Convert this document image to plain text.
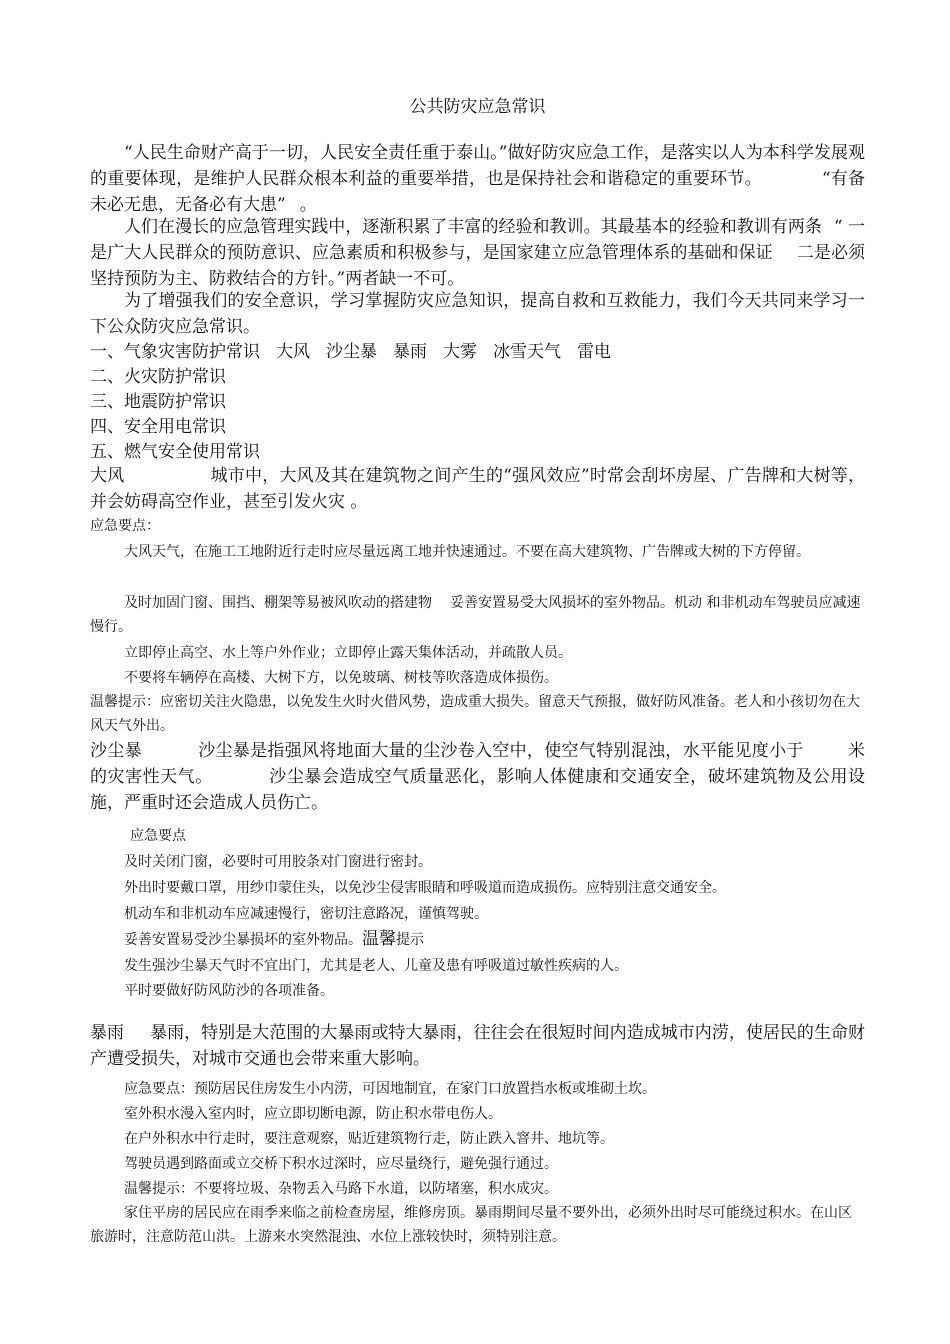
公共防灾应急常识
“人民生命财产高于一切，人民安全责任重于泰山。”做好防灾应急工作，是落实以人为本科学发展观的重要体现，是维护人民群众根本利益的重要举措，也是保持社会和谐稳定的重要环节。	“有备未必无患，无备必有大患” 。
人们在漫长的应急管理实践中，逐渐积累了丰富的经验和教训。其最基本的经验和教训有两条 “ 一是广大人民群众的预防意识、应急素质和积极参与，是国家建立应急管理体系的基础和保证 二是必须坚持预防为主、防救结合的方针。”两者缺一不可。
为了增强我们的安全意识，学习掌握防灾应急知识，提高自救和互救能力，我们今天共同来学习一下公众防灾应急常识。
一、气象灾害防护常识 大风 沙尘暴 暴雨 大雾 冰雪天气 雷电
二、火灾防护常识
三、地震防护常识
四、安全用电常识
五、燃气安全使用常识
大风	城市中，大风及其在建筑物之间产生的“强风效应”时常会刮坏房屋、广告牌和大树等，并会妨碍高空作业，甚至引发火灾 。
应急要点：
大风天气，在施工工地附近行走时应尽量远离工地并快速通过。不要在高大建筑物、广告牌或大树的下方停留。
及时加固门窗、围挡、棚架等易被风吹动的搭建物 妥善安置易受大风损坏的室外物品。机动 和非机动车驾驶员应减速慢行。
立即停止高空、水上等户外作业；立即停止露天集体活动，并疏散人员。
不要将车辆停在高楼、大树下方，以免玻璃、树枝等吹落造成体损伤。
温馨提示：应密切关注火隐患，以免发生火时火借风势，造成重大损失。留意天气预报，做好防风准备。老人和小孩切勿在大风天气外出。
沙尘暴	沙尘暴是指强风将地面大量的尘沙卷入空中，使空气特别混浊，水平能见度小于	米的灾害性天气。	沙尘暴会造成空气质量恶化，影响人体健康和交通安全，破坏建筑物及公用设施，严重时还会造成人员伤亡。
应急要点
及时关闭门窗，必要时可用胶条对门窗进行密封。
外出时要戴口罩，用纱巾蒙住头，以免沙尘侵害眼睛和呼吸道而造成损伤。应特别注意交通安全。
机动车和非机动车应减速慢行，密切注意路况，谨慎驾驶。
妥善安置易受沙尘暴损坏的室外物品。温馨提示
发生强沙尘暴天气时不宜出门，尤其是老人、儿童及患有呼吸道过敏性疾病的人。
平时要做好防风防沙的各项准备。
暴雨 暴雨，特别是大范围的大暴雨或特大暴雨，往往会在很短时间内造成城市内涝，使居民的生命财产遭受损失，对城市交通也会带来重大影响。
应急要点：预防居民住房发生小内涝，可因地制宜，在家门口放置挡水板或堆砌土坎。
室外积水漫入室内时，应立即切断电源，防止积水带电伤人。
在户外积水中行走时，要注意观察，贴近建筑物行走，防止跌入窨井、地坑等。
驾驶员遇到路面或立交桥下积水过深时，应尽量绕行，避免强行通过。
温馨提示：不要将垃圾、杂物丢入马路下水道，以防堵塞，积水成灾。
家住平房的居民应在雨季来临之前检查房屋，维修房顶。暴雨期间尽量不要外出，必须外出时尽可能绕过积水。在山区旅游时，注意防范山洪。上游来水突然混浊、水位上涨较快时，须特别注意。
